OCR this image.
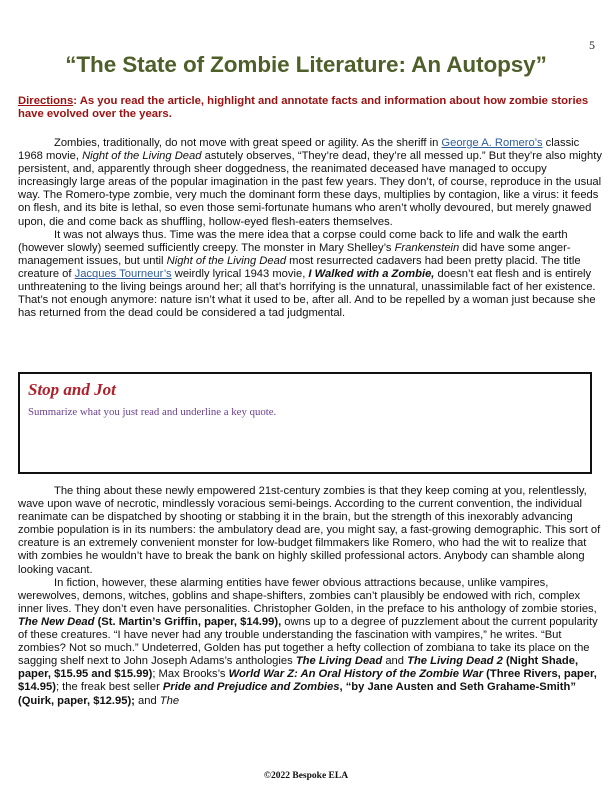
5
“The State of Zombie Literature: An Autopsy”
Directions: As you read the article, highlight and annotate facts and information about how zombie stories have evolved over the years.

Zombies, traditionally, do not move with great speed or agility. As the sheriff in George A. Romero’s classic 1968 movie, Night of the Living Dead astutely observes, “They’re dead, they’re all messed up.” But they’re also mighty persistent, and, apparently through sheer doggedness, the reanimated deceased have managed to occupy increasingly large areas of the popular imagination in the past few years. They don’t, of course, reproduce in the usual way. The Romero-type zombie, very much the dominant form these days, multiplies by contagion, like a virus: it feeds on flesh, and its bite is lethal, so even those semi-fortunate humans who aren’t wholly devoured, but merely gnawed upon, die and come back as shuffling, hollow-eyed flesh-eaters themselves.

It was not always thus. Time was the mere idea that a corpse could come back to life and walk the earth (however slowly) seemed sufficiently creepy. The monster in Mary Shelley’s Frankenstein did have some anger-management issues, but until Night of the Living Dead most resurrected cadavers had been pretty placid. The title creature of Jacques Tourneur’s weirdly lyrical 1943 movie, I Walked with a Zombie, doesn’t eat flesh and is entirely unthreatening to the living beings around her; all that’s horrifying is the unnatural, unassimilable fact of her existence. That’s not enough anymore: nature isn’t what it used to be, after all. And to be repelled by a woman just because she has returned from the dead could be considered a tad judgmental.

Stop and Jot
Summarize what you just read and underline a key quote.

The thing about these newly empowered 21st-century zombies is that they keep coming at you, relentlessly, wave upon wave of necrotic, mindlessly voracious semi-beings. According to the current convention, the individual reanimate can be dispatched by shooting or stabbing it in the brain, but the strength of this inexorably advancing zombie population is in its numbers: the ambulatory dead are, you might say, a fast-growing demographic. This sort of creature is an extremely convenient monster for low-budget filmmakers like Romero, who had the wit to realize that with zombies he wouldn’t have to break the bank on highly skilled professional actors. Anybody can shamble along looking vacant.

In fiction, however, these alarming entities have fewer obvious attractions because, unlike vampires, werewolves, demons, witches, goblins and shape-shifters, zombies can’t plausibly be endowed with rich, complex inner lives. They don’t even have personalities. Christopher Golden, in the preface to his anthology of zombie stories, The New Dead (St. Martin’s Griffin, paper, $14.99), owns up to a degree of puzzlement about the current popularity of these creatures. “I have never had any trouble understanding the fascination with vampires,” he writes. “But zombies? Not so much.” Undeterred, Golden has put together a hefty collection of zombiana to take its place on the sagging shelf next to John Joseph Adams’s anthologies The Living Dead and The Living Dead 2 (Night Shade, paper, $15.95 and $15.99); Max Brooks’s World War Z: An Oral History of the Zombie War (Three Rivers, paper, $14.95); the freak best seller Pride and Prejudice and Zombies, “by Jane Austen and Seth Grahame-Smith” (Quirk, paper, $12.95); and The

©2022 Bespoke ELA
